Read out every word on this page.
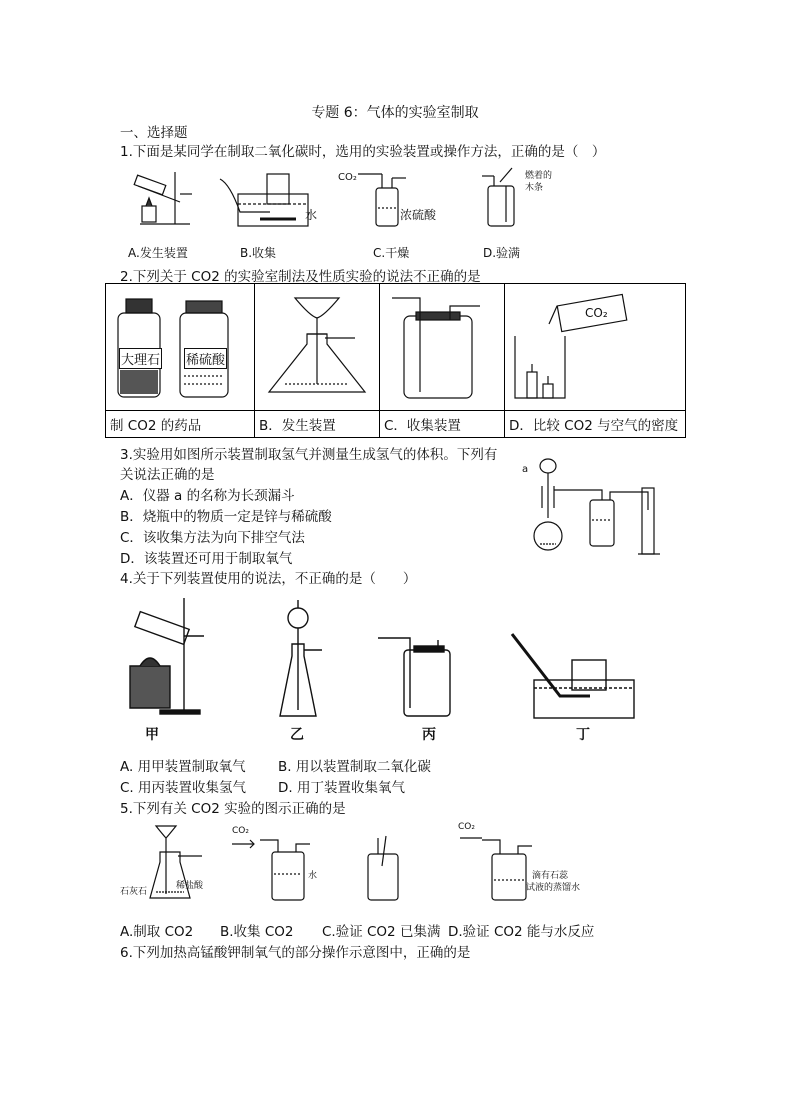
专题 6：气体的实验室制取
一、选择题
1.下面是某同学在制取二氧化碳时，选用的实验装置或操作方法，正确的是（　）
水	浓硫酸
CO₂	燃着的
木条
A.发生装置	B.收集	C.干燥	D.验满
2.下列关于 CO2 的实验室制法及性质实验的说法不正确的是
大理石 稀硫酸			CO₂

制 CO2 的药品	B．发生装置	C．收集装置	D．比较 CO2 与空气的密度
3.实验用如图所示装置制取氢气并测量生成氢气的体积。下列有
关说法正确的是
A．仪器 a 的名称为长颈漏斗
B．烧瓶中的物质一定是锌与稀硫酸
C．该收集方法为向下排空气法
D．该装置还可用于制取氧气
a
4.关于下列装置使用的说法，不正确的是（　　）
甲	乙	丙	丁
A. 用甲装置制取氧气 B. 用以装置制取二氧化碳
C. 用丙装置收集氢气 D. 用丁装置收集氧气
5.下列有关 CO2 实验的图示正确的是
石灰石
稀盐酸
CO₂
水
CO₂
滴有石蕊
试液的蒸馏水
A.制取 CO2 B.收集 CO2 C.验证 CO2 已集满 D.验证 CO2 能与水反应
6.下列加热高锰酸钾制氧气的部分操作示意图中，正确的是
